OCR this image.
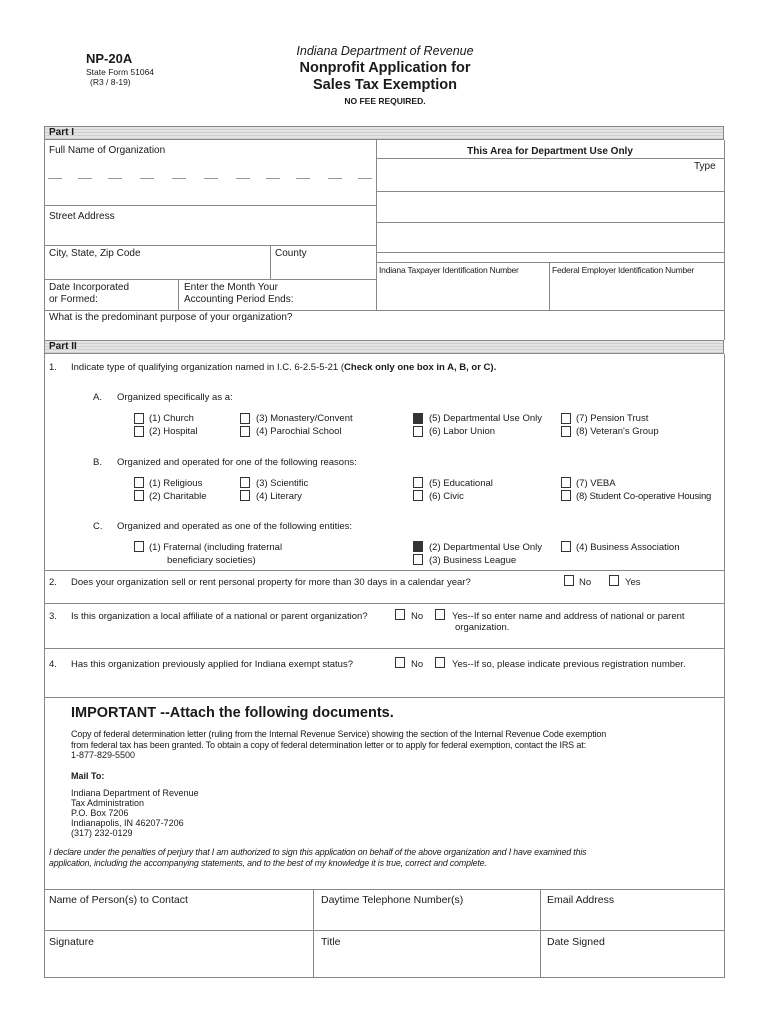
NP-20A
State Form 51064
(R3 / 8-19)
Indiana Department of Revenue
Nonprofit Application for
Sales Tax Exemption
NO FEE REQUIRED.
Part I
Full Name of Organization	This Area for Department Use Only
Type
Indiana Taxpayer Identification Number	Federal Employer Identification Number
Street Address
City, State, Zip Code	County
Date Incorporated
or Formed:
Enter the Month Your
Accounting Period Ends:
What is the predominant purpose of your organization?
Part II
1. Indicate type of qualifying organization named in I.C. 6-2.5-5-21 (Check only one box in A, B, or C).
A. Organized specifically as a:
(1) Church
(2) Hospital
(3) Monastery/Convent
(4) Parochial School
(5) Departmental Use Only
(6) Labor Union
(7) Pension Trust
(8) Veteran's Group
B. Organized and operated for one of the following reasons:
(1) Religious
(2) Charitable
(3) Scientific
(4) Literary
(5) Educational
(6) Civic
(7) VEBA
(8) Student Co-operative Housing
C. Organized and operated as one of the following entities:
(1) Fraternal (including fraternal
beneficiary societies)
(2) Departmental Use Only
(3) Business League
(4) Business Association
2. Does your organization sell or rent personal property for more than 30 days in a calendar year?	No	Yes
3. Is this organization a local affiliate of a national or parent organization?	No	Yes--If so enter name and address of national or parent
organization.
4. Has this organization previously applied for Indiana exempt status?	No	Yes--If so, please indicate previous registration number.
IMPORTANT --Attach the following documents.
Copy of federal determination letter (ruling from the Internal Revenue Service) showing the section of the Internal Revenue Code exemption
from federal tax has been granted. To obtain a copy of federal determination letter or to apply for federal exemption, contact the IRS at:
1-877-829-5500
Mail To:
Indiana Department of Revenue
Tax Administration
P.O. Box 7206
Indianapolis, IN 46207-7206
(317) 232-0129
I declare under the penalties of perjury that I am authorized to sign this application on behalf of the above organization and I have examined this
application, including the accompanying statements, and to the best of my knowledge it is true, correct and complete.
Name of Person(s) to Contact	Daytime Telephone Number(s)	Email Address
Signature	Title	Date Signed
